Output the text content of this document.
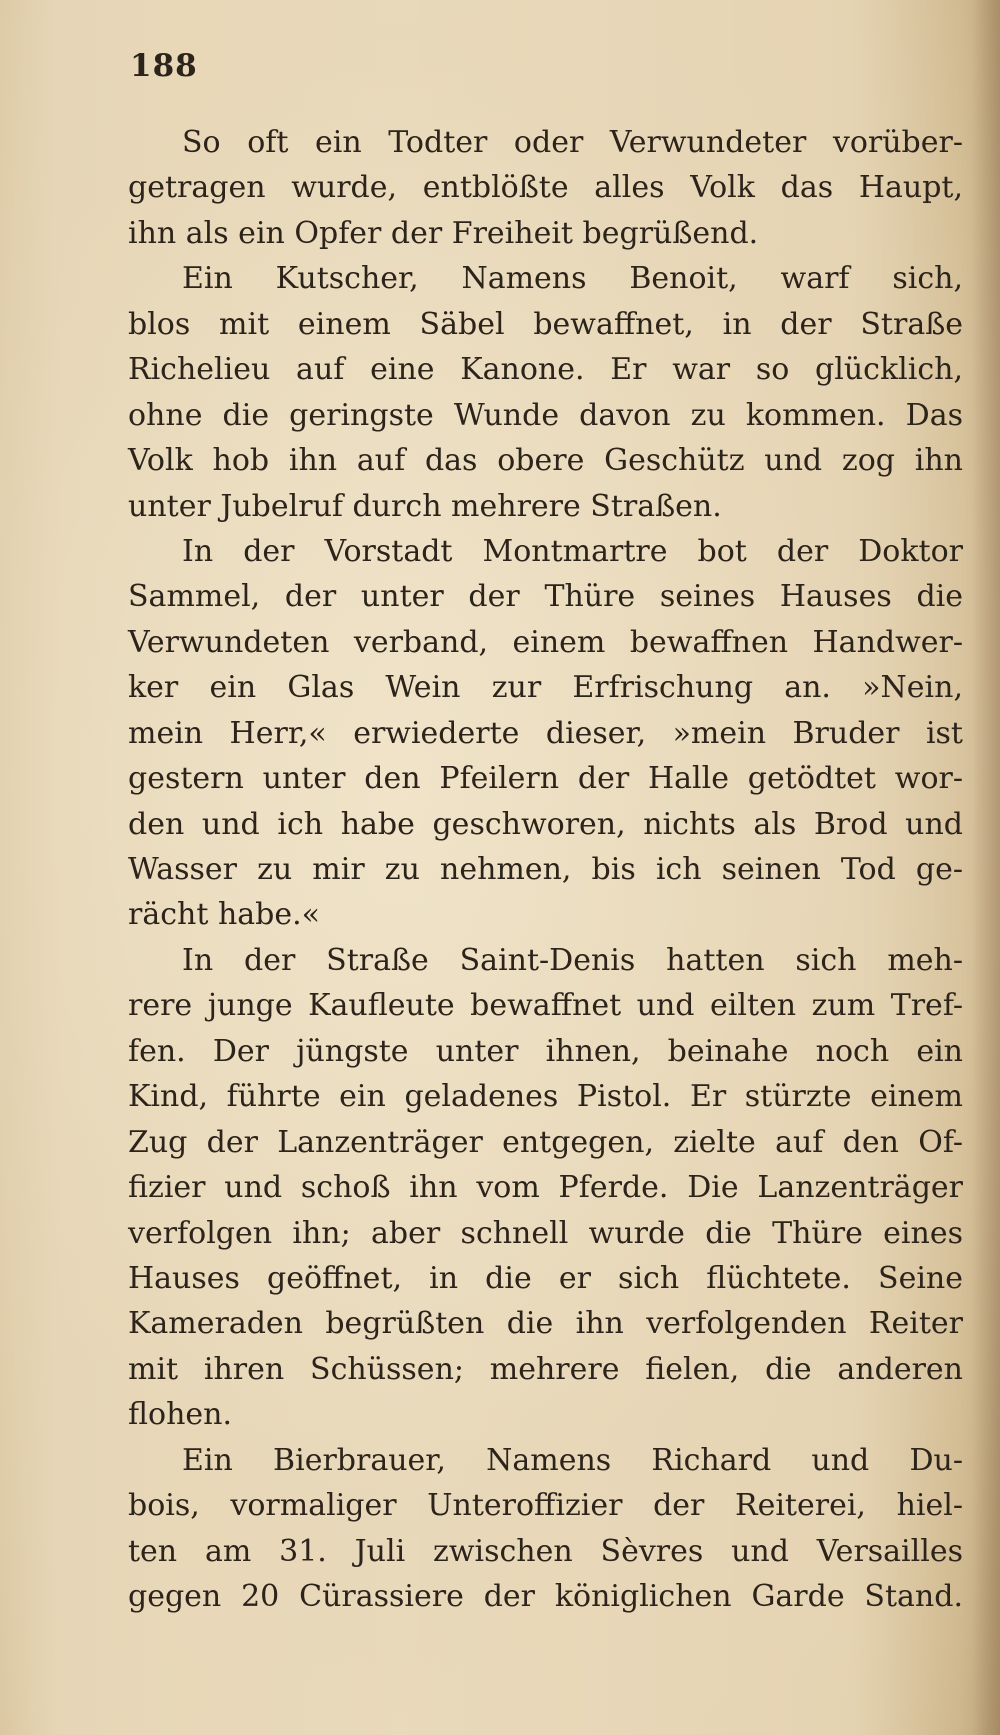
188

So oft ein Todter oder Verwundeter vorüber-
getragen wurde, entblößte alles Volk das Haupt,
ihn als ein Opfer der Freiheit begrüßend.

Ein Kutscher, Namens Benoit, warf sich,
blos mit einem Säbel bewaffnet, in der Straße
Richelieu auf eine Kanone. Er war so glücklich,
ohne die geringste Wunde davon zu kommen. Das
Volk hob ihn auf das obere Geschütz und zog ihn
unter Jubelruf durch mehrere Straßen.

In der Vorstadt Montmartre bot der Doktor
Sammel, der unter der Thüre seines Hauses die
Verwundeten verband, einem bewaffnen Handwer-
ker ein Glas Wein zur Erfrischung an. »Nein,
mein Herr,« erwiederte dieser, »mein Bruder ist
gestern unter den Pfeilern der Halle getödtet wor-
den und ich habe geschworen, nichts als Brod und
Wasser zu mir zu nehmen, bis ich seinen Tod ge-
rächt habe.«

In der Straße Saint-Denis hatten sich meh-
rere junge Kaufleute bewaffnet und eilten zum Tref-
fen. Der jüngste unter ihnen, beinahe noch ein
Kind, führte ein geladenes Pistol. Er stürzte einem
Zug der Lanzenträger entgegen, zielte auf den Of-
fizier und schoß ihn vom Pferde. Die Lanzenträger
verfolgen ihn; aber schnell wurde die Thüre eines
Hauses geöffnet, in die er sich flüchtete. Seine
Kameraden begrüßten die ihn verfolgenden Reiter
mit ihren Schüssen; mehrere fielen, die anderen
flohen.

Ein Bierbrauer, Namens Richard und Du-
bois, vormaliger Unteroffizier der Reiterei, hiel-
ten am 31. Juli zwischen Sèvres und Versailles
gegen 20 Cürassiere der königlichen Garde Stand.
